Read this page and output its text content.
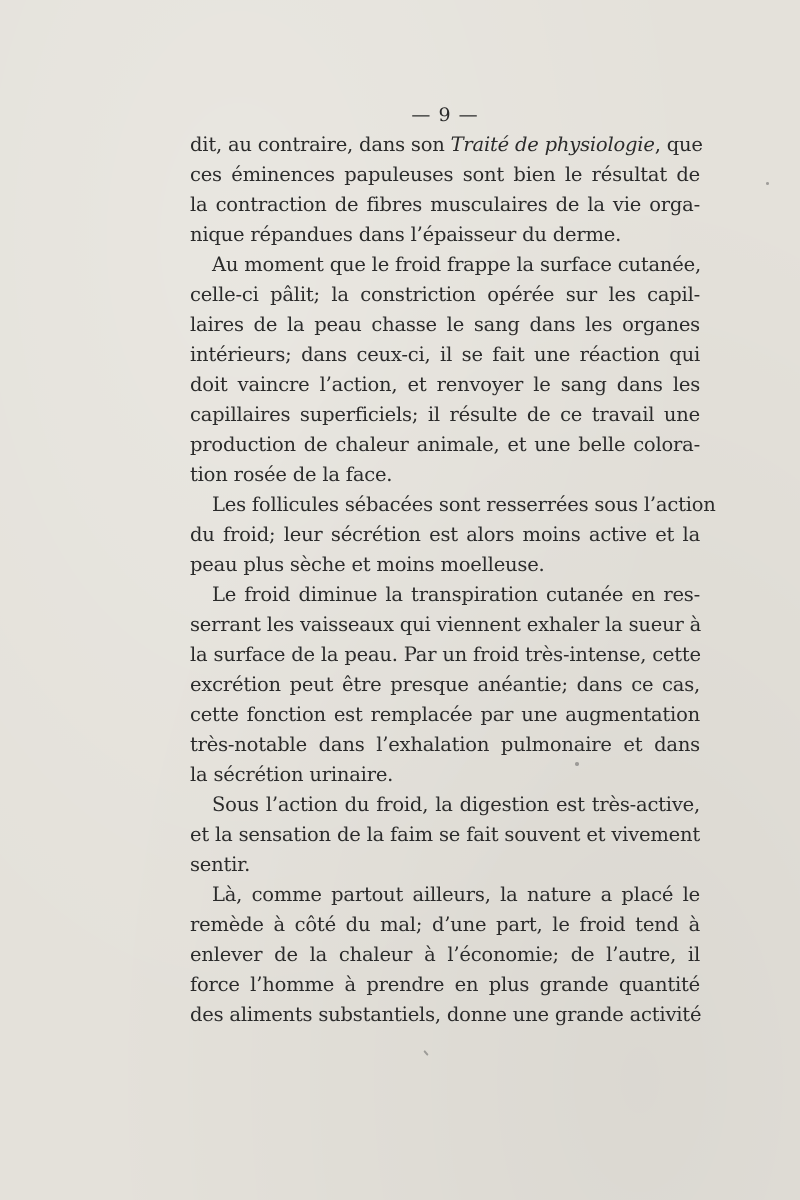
— 9 —
dit, au contraire, dans son Traité de physiologie, que
ces éminences papuleuses sont bien le résultat de
la contraction de fibres musculaires de la vie orga-
nique répandues dans l’épaisseur du derme.
Au moment que le froid frappe la surface cutanée,
celle-ci pâlit; la constriction opérée sur les capil-
laires de la peau chasse le sang dans les organes
intérieurs; dans ceux-ci, il se fait une réaction qui
doit vaincre l’action, et renvoyer le sang dans les
capillaires superficiels; il résulte de ce travail une
production de chaleur animale, et une belle colora-
tion rosée de la face.
Les follicules sébacées sont resserrées sous l’action
du froid; leur sécrétion est alors moins active et la
peau plus sèche et moins moelleuse.
Le froid diminue la transpiration cutanée en res-
serrant les vaisseaux qui viennent exhaler la sueur à
la surface de la peau. Par un froid très-intense, cette
excrétion peut être presque anéantie; dans ce cas,
cette fonction est remplacée par une augmentation
très-notable dans l’exhalation pulmonaire et dans
la sécrétion urinaire.
Sous l’action du froid, la digestion est très-active,
et la sensation de la faim se fait souvent et vivement
sentir.
Là, comme partout ailleurs, la nature a placé le
remède à côté du mal; d’une part, le froid tend à
enlever de la chaleur à l’économie; de l’autre, il
force l’homme à prendre en plus grande quantité
des aliments substantiels, donne une grande activité
